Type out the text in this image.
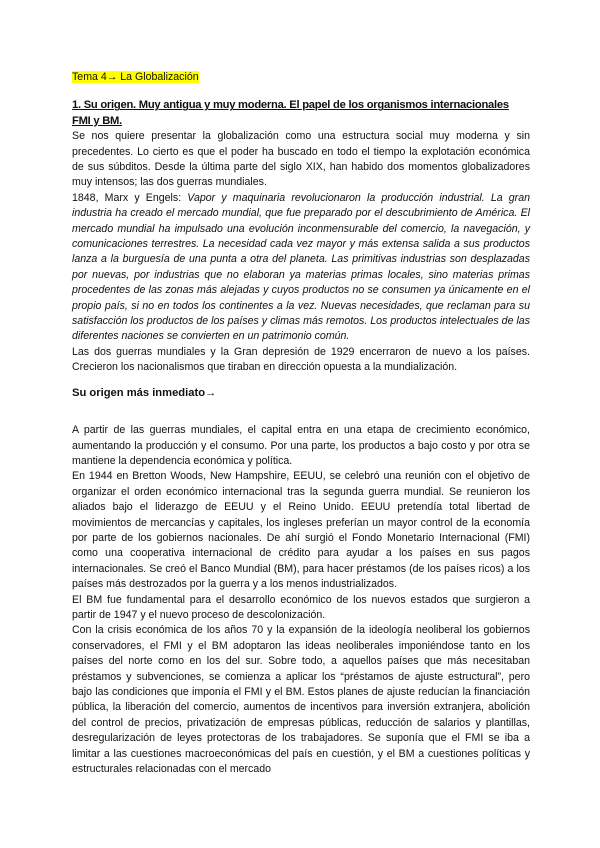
Tema 4→ La Globalización
1. Su origen. Muy antigua y muy moderna. El papel de los organismos internacionales FMI y BM.

Se nos quiere presentar la globalización como una estructura social muy moderna y sin precedentes. Lo cierto es que el poder ha buscado en todo el tiempo la explotación económica de sus súbditos. Desde la última parte del siglo XIX, han habido dos momentos globalizadores muy intensos; las dos guerras mundiales.

1848, Marx y Engels: Vapor y maquinaria revolucionaron la producción industrial. La gran industria ha creado el mercado mundial, que fue preparado por el descubrimiento de América. El mercado mundial ha impulsado una evolución inconmensurable del comercio, la navegación, y comunicaciones terrestres. La necesidad cada vez mayor y más extensa salida a sus productos lanza a la burguesía de una punta a otra del planeta. Las primitivas industrias son desplazadas por nuevas, por industrias que no elaboran ya materias primas locales, sino materias primas procedentes de las zonas más alejadas y cuyos productos no se consumen ya únicamente en el propio país, si no en todos los continentes a la vez. Nuevas necesidades, que reclaman para su satisfacción los productos de los países y climas más remotos. Los productos intelectuales de las diferentes naciones se convierten en un patrimonio común.

Las dos guerras mundiales y la Gran depresión de 1929 encerraron de nuevo a los países. Crecieron los nacionalismos que tiraban en dirección opuesta a la mundialización.

Su origen más inmediato→

A partir de las guerras mundiales, el capital entra en una etapa de crecimiento económico, aumentando la producción y el consumo. Por una parte, los productos a bajo costo y por otra se mantiene la dependencia económica y política.

En 1944 en Bretton Woods, New Hampshire, EEUU, se celebró una reunión con el objetivo de organizar el orden económico internacional tras la segunda guerra mundial. Se reunieron los aliados bajo el liderazgo de EEUU y el Reino Unido. EEUU pretendía total libertad de movimientos de mercancías y capitales, los ingleses preferían un mayor control de la economía por parte de los gobiernos nacionales. De ahí surgió el Fondo Monetario Internacional (FMI) como una cooperativa internacional de crédito para ayudar a los países en sus pagos internacionales. Se creó el Banco Mundial (BM), para hacer préstamos (de los países ricos) a los países más destrozados por la guerra y a los menos industrializados.

El BM fue fundamental para el desarrollo económico de los nuevos estados que surgieron a partir de 1947 y el nuevo proceso de descolonización.

Con la crisis económica de los años 70 y la expansión de la ideología neoliberal los gobiernos conservadores, el FMI y el BM adoptaron las ideas neoliberales imponiéndose tanto en los países del norte como en los del sur. Sobre todo, a aquellos países que más necesitaban préstamos y subvenciones, se comienza a aplicar los “préstamos de ajuste estructural”, pero bajo las condiciones que imponía el FMI y el BM. Estos planes de ajuste reducían la financiación pública, la liberación del comercio, aumentos de incentivos para inversión extranjera, abolición del control de precios, privatización de empresas públicas, reducción de salarios y plantillas, desregularización de leyes protectoras de los trabajadores. Se suponía que el FMI se iba a limitar a las cuestiones macroeconómicas del país en cuestión, y el BM a cuestiones políticas y estructurales relacionadas con el mercado
